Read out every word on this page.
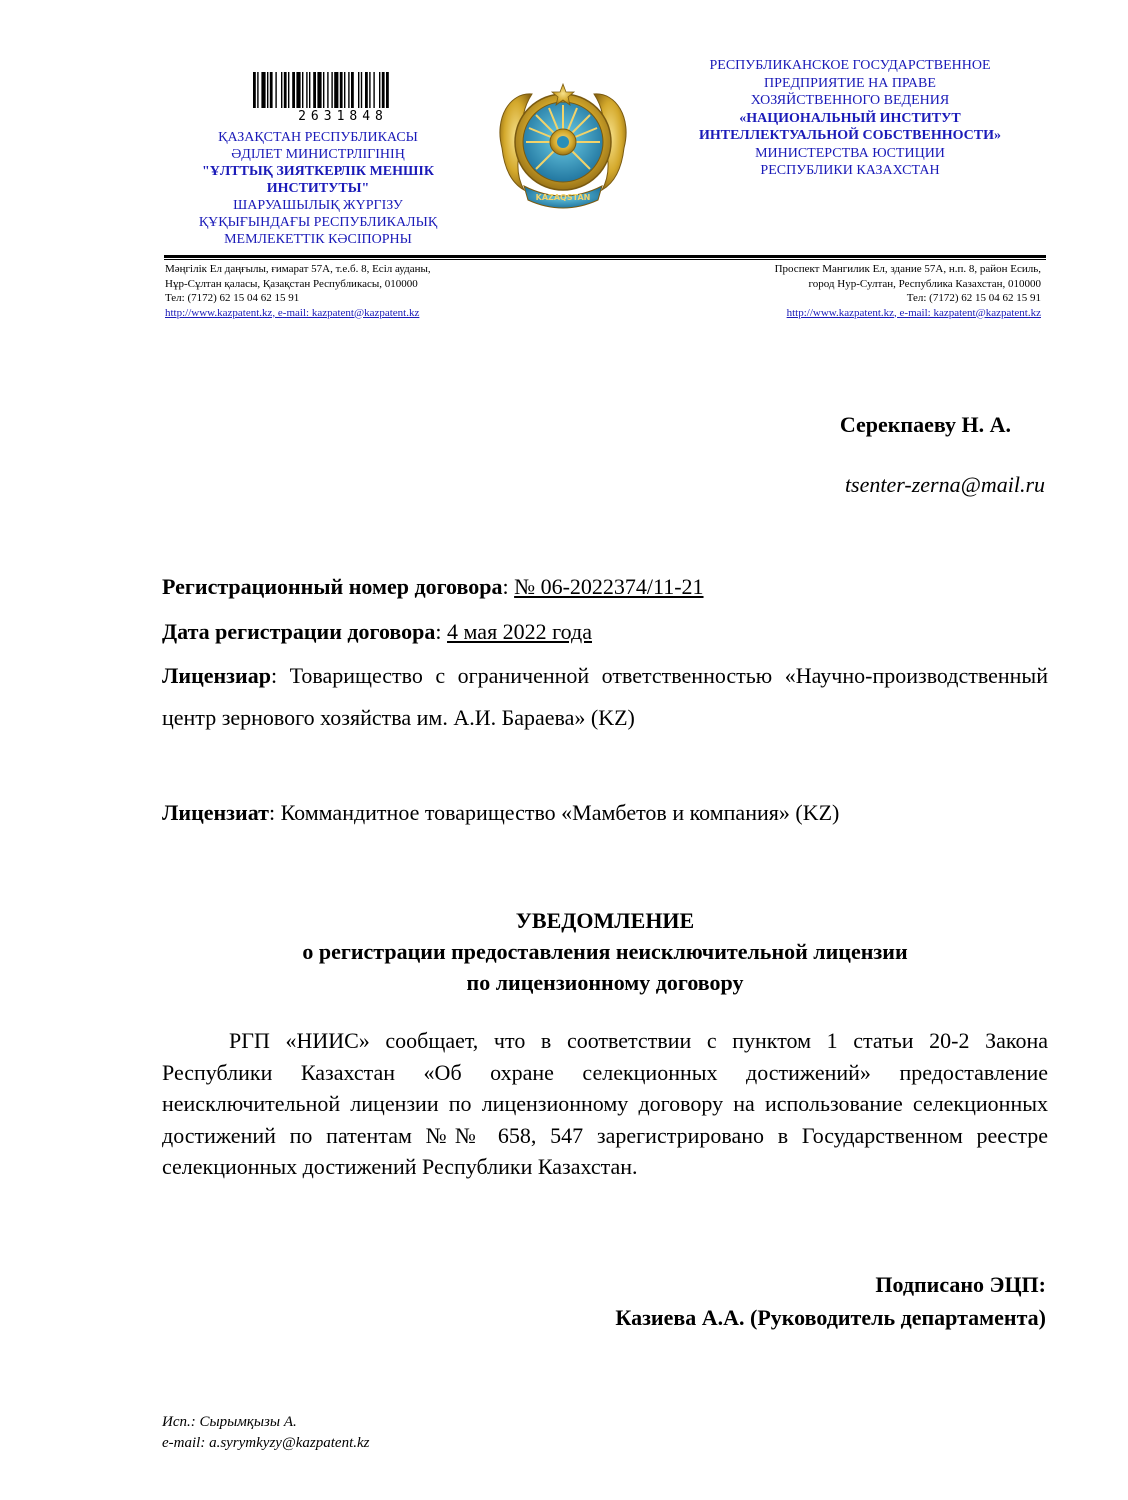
2631848
ҚАЗАҚСТАН РЕСПУБЛИКАСЫ
ӘДІЛЕТ МИНИСТРЛІГІНІҢ
"ҰЛТТЫҚ ЗИЯТКЕРЛІК МЕНШІК
ИНСТИТУТЫ"
ШАРУАШЫЛЫҚ ЖҮРГІЗУ
ҚҰҚЫҒЫНДАҒЫ РЕСПУБЛИКАЛЫҚ
МЕМЛЕКЕТТІК КӘСІПОРНЫ
KAZAQSTAN
РЕСПУБЛИКАНСКОЕ ГОСУДАРСТВЕННОЕ
ПРЕДПРИЯТИЕ НА ПРАВЕ
ХОЗЯЙСТВЕННОГО ВЕДЕНИЯ
«НАЦИОНАЛЬНЫЙ ИНСТИТУТ
ИНТЕЛЛЕКТУАЛЬНОЙ СОБСТВЕННОСТИ»
МИНИСТЕРСТВА ЮСТИЦИИ
РЕСПУБЛИКИ КАЗАХСТАН
Мәңгілік Ел даңғылы, ғимарат 57А, т.е.б. 8, Есіл ауданы,
Нұр-Сұлтан қаласы, Қазақстан Республикасы, 010000
Тел: (7172) 62 15 04 62 15 91
http://www.kazpatent.kz, e-mail: kazpatent@kazpatent.kz
Проспект Мангилик Ел, здание 57А, н.п. 8, район Есиль,
город Нур-Султан, Республика Казахстан, 010000
Тел: (7172) 62 15 04 62 15 91
http://www.kazpatent.kz, e-mail: kazpatent@kazpatent.kz
Серекпаеву Н. А.
tsenter-zerna@mail.ru
Регистрационный номер договора: № 06-2022374/11-21
Дата регистрации договора: 4 мая 2022 года
Лицензиар: Товарищество с ограниченной ответственностью «Научно-производственный центр зернового хозяйства им. А.И. Бараева» (KZ)
Лицензиат: Коммандитное товарищество «Мамбетов и компания» (KZ)
УВЕДОМЛЕНИЕ
о регистрации предоставления неисключительной лицензии
по лицензионному договору
РГП «НИИС» сообщает, что в соответствии с пунктом 1 статьи 20-2 Закона Республики Казахстан «Об охране селекционных достижений» предоставление неисключительной лицензии по лицензионному договору на использование селекционных достижений по патентам №№ 658, 547 зарегистрировано в Государственном реестре селекционных достижений Республики Казахстан.
Подписано ЭЦП:
Казиева А.А. (Руководитель департамента)
Исп.: Сырымқызы А.
e-mail: a.syrymkyzy@kazpatent.kz
